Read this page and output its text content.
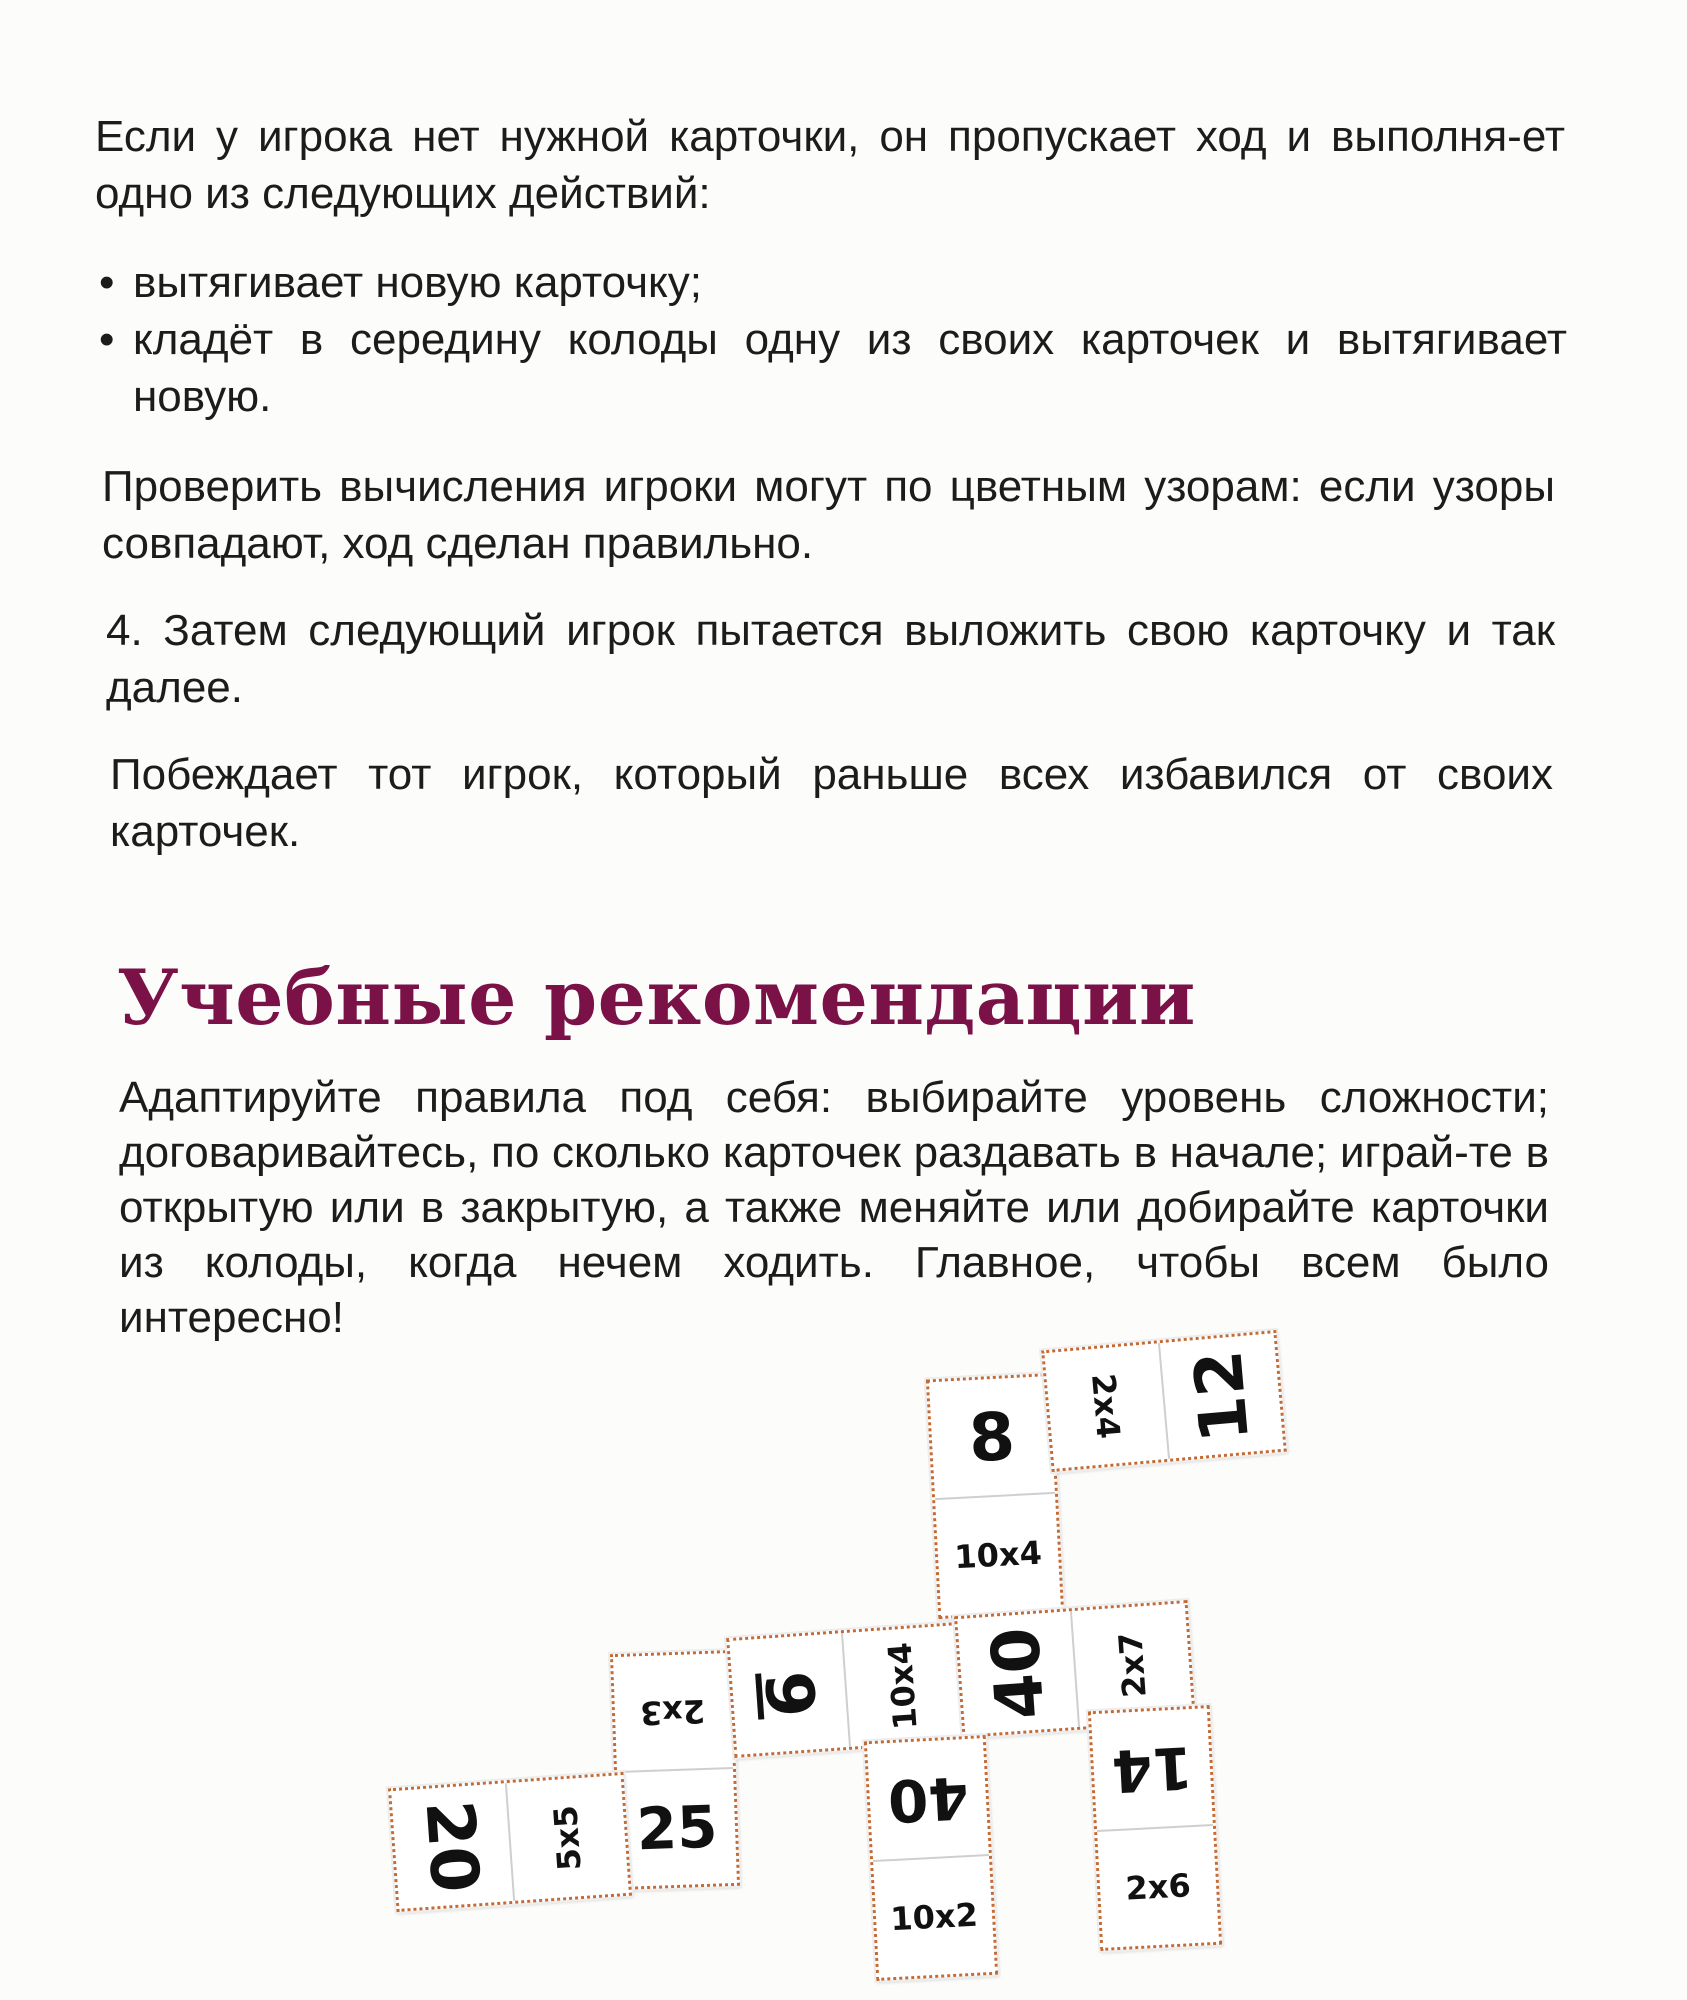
Если у игрока нет нужной карточки, он пропускает ход и выполня-ет одно из следующих действий:

• вытягивает новую карточку;
• кладёт в середину колоды одну из своих карточек и вытягивает новую.

Проверить вычисления игроки могут по цветным узорам: если узоры совпадают, ход сделан правильно.

4. Затем следующий игрок пытается выложить свою карточку и так далее.

Побеждает тот игрок, который раньше всех избавился от своих карточек.

Учебные рекомендации

Адаптируйте правила под себя: выбирайте уровень сложности; договаривайтесь, по сколько карточек раздавать в начале; играй-те в открытую или в закрытую, а также меняйте или добирайте карточки из колоды, когда нечем ходить. Главное, чтобы всем было интересно!

8
10x4
2x4 12
2x3
25
9 10x4 40 2x7
40
10x2
14
2x6
20 5x5
